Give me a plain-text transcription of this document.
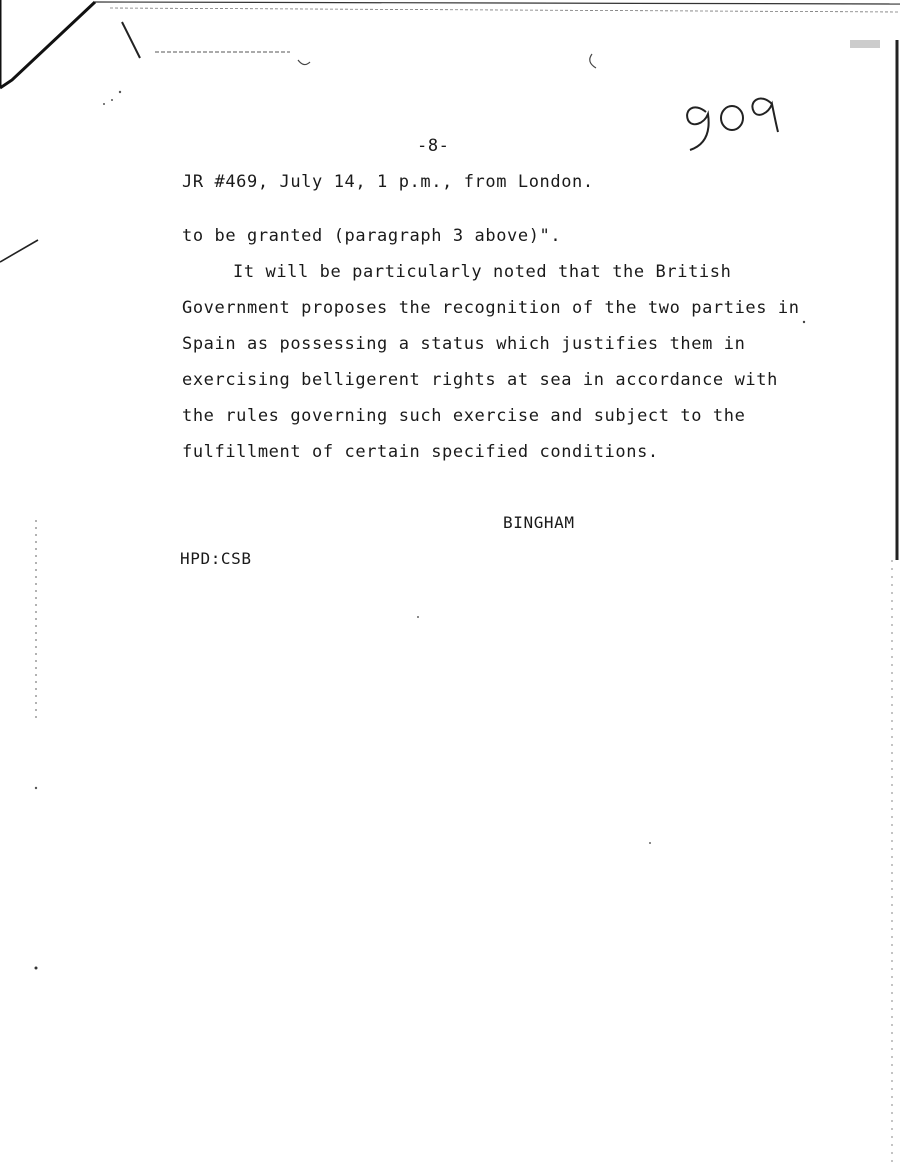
-8-
JR #469, July 14, 1 p.m., from London.
to be granted (paragraph 3 above)".
It will be particularly noted that the British
Government proposes the recognition of the two parties in
Spain as possessing a status which justifies them in
exercising belligerent rights at sea in accordance with
the rules governing such exercise and subject to the
fulfillment of certain specified conditions.
BINGHAM
HPD:CSB
